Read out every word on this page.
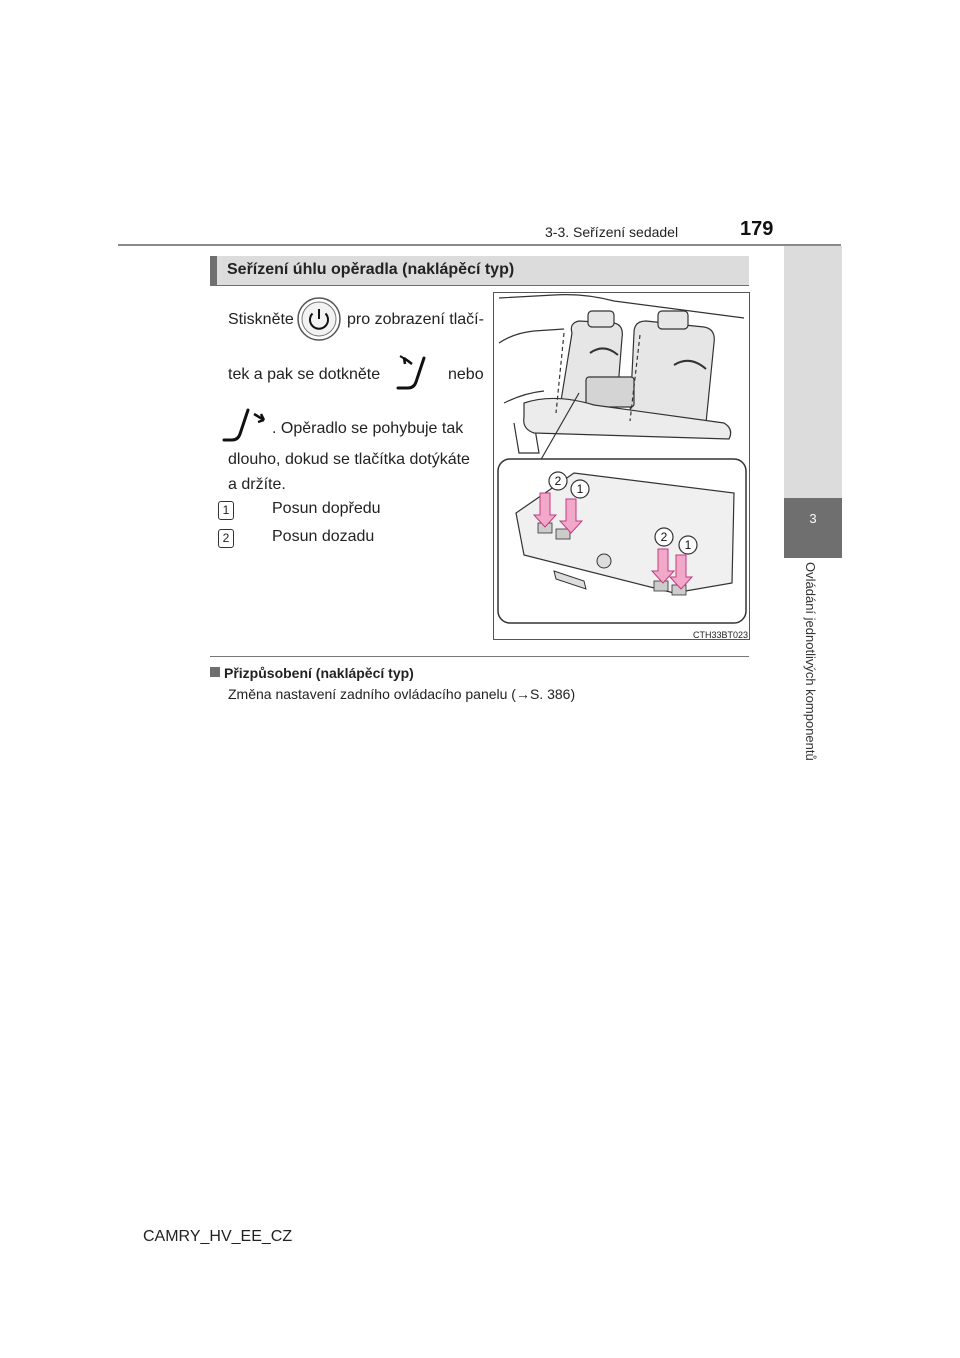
3-3. Seřízení sedadel	179
3
Ovládání jednotlivých komponentů
Seřízení úhlu opěradla (naklápěcí typ)
Stiskněte	pro zobrazení tlačí-
tek a pak se dotkněte	nebo
. Opěradlo se pohybuje tak
dlouho, dokud se tlačítka dotýkáte
a držíte.
1	Posun dopředu
2	Posun dozadu
2
1
2
1
CTH33BT023
Přizpůsobení (naklápěcí typ)
Změna nastavení zadního ovládacího panelu (→S. 386)
CAMRY_HV_EE_CZ
